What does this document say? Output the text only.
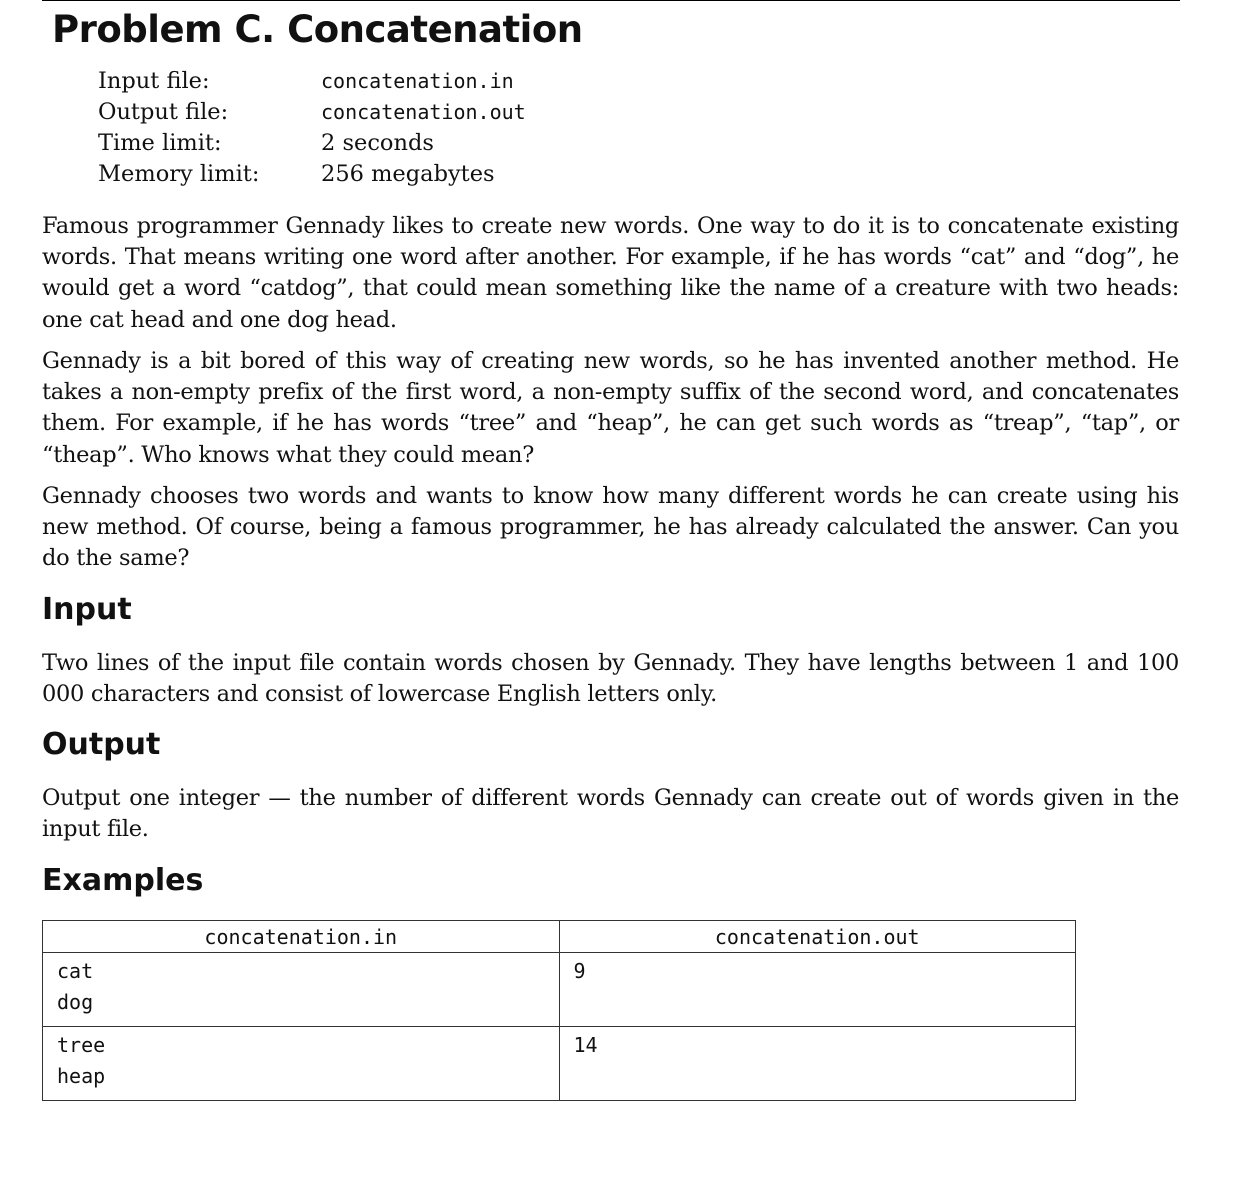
Problem C. Concatenation
Input file:	concatenation.in
Output file:	concatenation.out
Time limit:	2 seconds
Memory limit:	256 megabytes

Famous programmer Gennady likes to create new words. One way to do it is to concatenate existing words. That means writing one word after another. For example, if he has words “cat” and “dog”, he would get a word “catdog”, that could mean something like the name of a creature with two heads: one cat head and one dog head.

Gennady is a bit bored of this way of creating new words, so he has invented another method. He takes a non-empty prefix of the first word, a non-empty suffix of the second word, and concatenates them. For example, if he has words “tree” and “heap”, he can get such words as “treap”, “tap”, or “theap”. Who knows what they could mean?

Gennady chooses two words and wants to know how many different words he can create using his new method. Of course, being a famous programmer, he has already calculated the answer. Can you do the same?

Input

Two lines of the input file contain words chosen by Gennady. They have lengths between 1 and 100 000 characters and consist of lowercase English letters only.

Output

Output one integer — the number of different words Gennady can create out of words given in the input file.

Examples
concatenation.in	concatenation.out

cat
dog	9

tree
heap	14
